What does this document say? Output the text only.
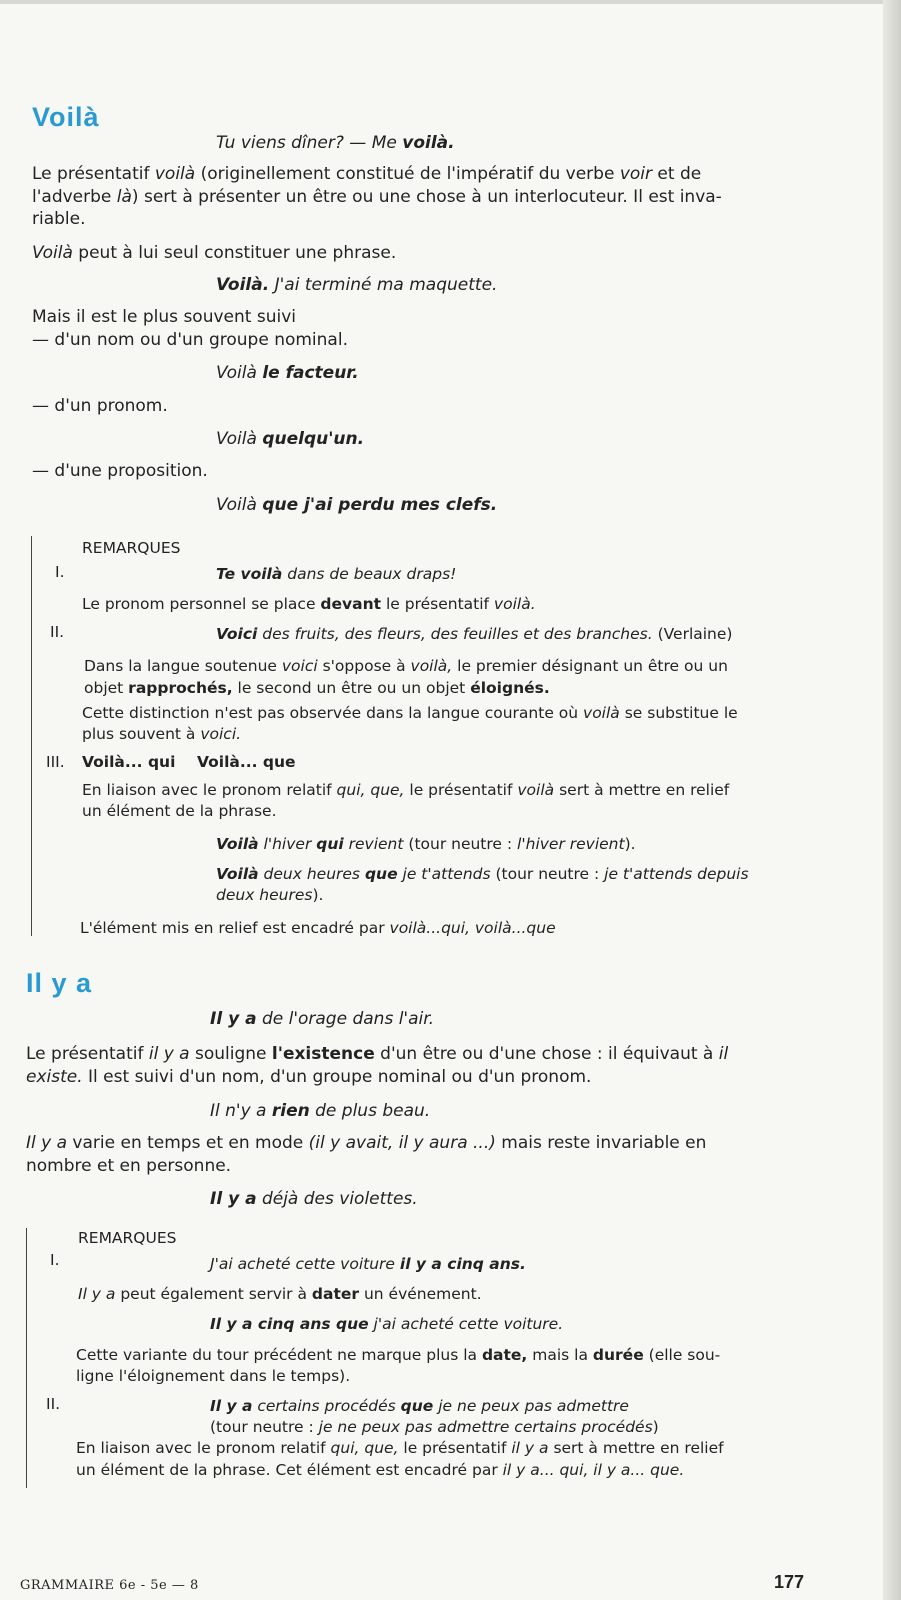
Voilà
Tu viens dîner? — Me voilà.
Le présentatif voilà (originellement constitué de l'impératif du verbe voir et de
l'adverbe là) sert à présenter un être ou une chose à un interlocuteur. Il est inva-
riable.
Voilà peut à lui seul constituer une phrase.
Voilà. J'ai terminé ma maquette.
Mais il est le plus souvent suivi
— d'un nom ou d'un groupe nominal.
Voilà le facteur.
— d'un pronom.
Voilà quelqu'un.
— d'une proposition.
Voilà que j'ai perdu mes clefs.
REMARQUES
I.	Te voilà dans de beaux draps!
Le pronom personnel se place devant le présentatif voilà.
II.	Voici des fruits, des fleurs, des feuilles et des branches. (Verlaine)
Dans la langue soutenue voici s'oppose à voilà, le premier désignant un être ou un
objet rapprochés, le second un être ou un objet éloignés.
Cette distinction n'est pas observée dans la langue courante où voilà se substitue le
plus souvent à voici.
III. Voilà... qui    Voilà... que
En liaison avec le pronom relatif qui, que, le présentatif voilà sert à mettre en relief
un élément de la phrase.
Voilà l'hiver qui revient (tour neutre : l'hiver revient).
Voilà deux heures que je t'attends (tour neutre : je t'attends depuis
deux heures).
L'élément mis en relief est encadré par voilà...qui, voilà...que
Il y a
Il y a de l'orage dans l'air.
Le présentatif il y a souligne l'existence d'un être ou d'une chose : il équivaut à il
existe. Il est suivi d'un nom, d'un groupe nominal ou d'un pronom.
Il n'y a rien de plus beau.
Il y a varie en temps et en mode (il y avait, il y aura ...) mais reste invariable en
nombre et en personne.
Il y a déjà des violettes.
REMARQUES
I.	J'ai acheté cette voiture il y a cinq ans.
Il y a peut également servir à dater un événement.
Il y a cinq ans que j'ai acheté cette voiture.
Cette variante du tour précédent ne marque plus la date, mais la durée (elle sou-
ligne l'éloignement dans le temps).
II.	Il y a certains procédés que je ne peux pas admettre
(tour neutre : je ne peux pas admettre certains procédés)
En liaison avec le pronom relatif qui, que, le présentatif il y a sert à mettre en relief
un élément de la phrase. Cet élément est encadré par il y a... qui, il y a... que.
GRAMMAIRE 6e - 5e — 8	177
